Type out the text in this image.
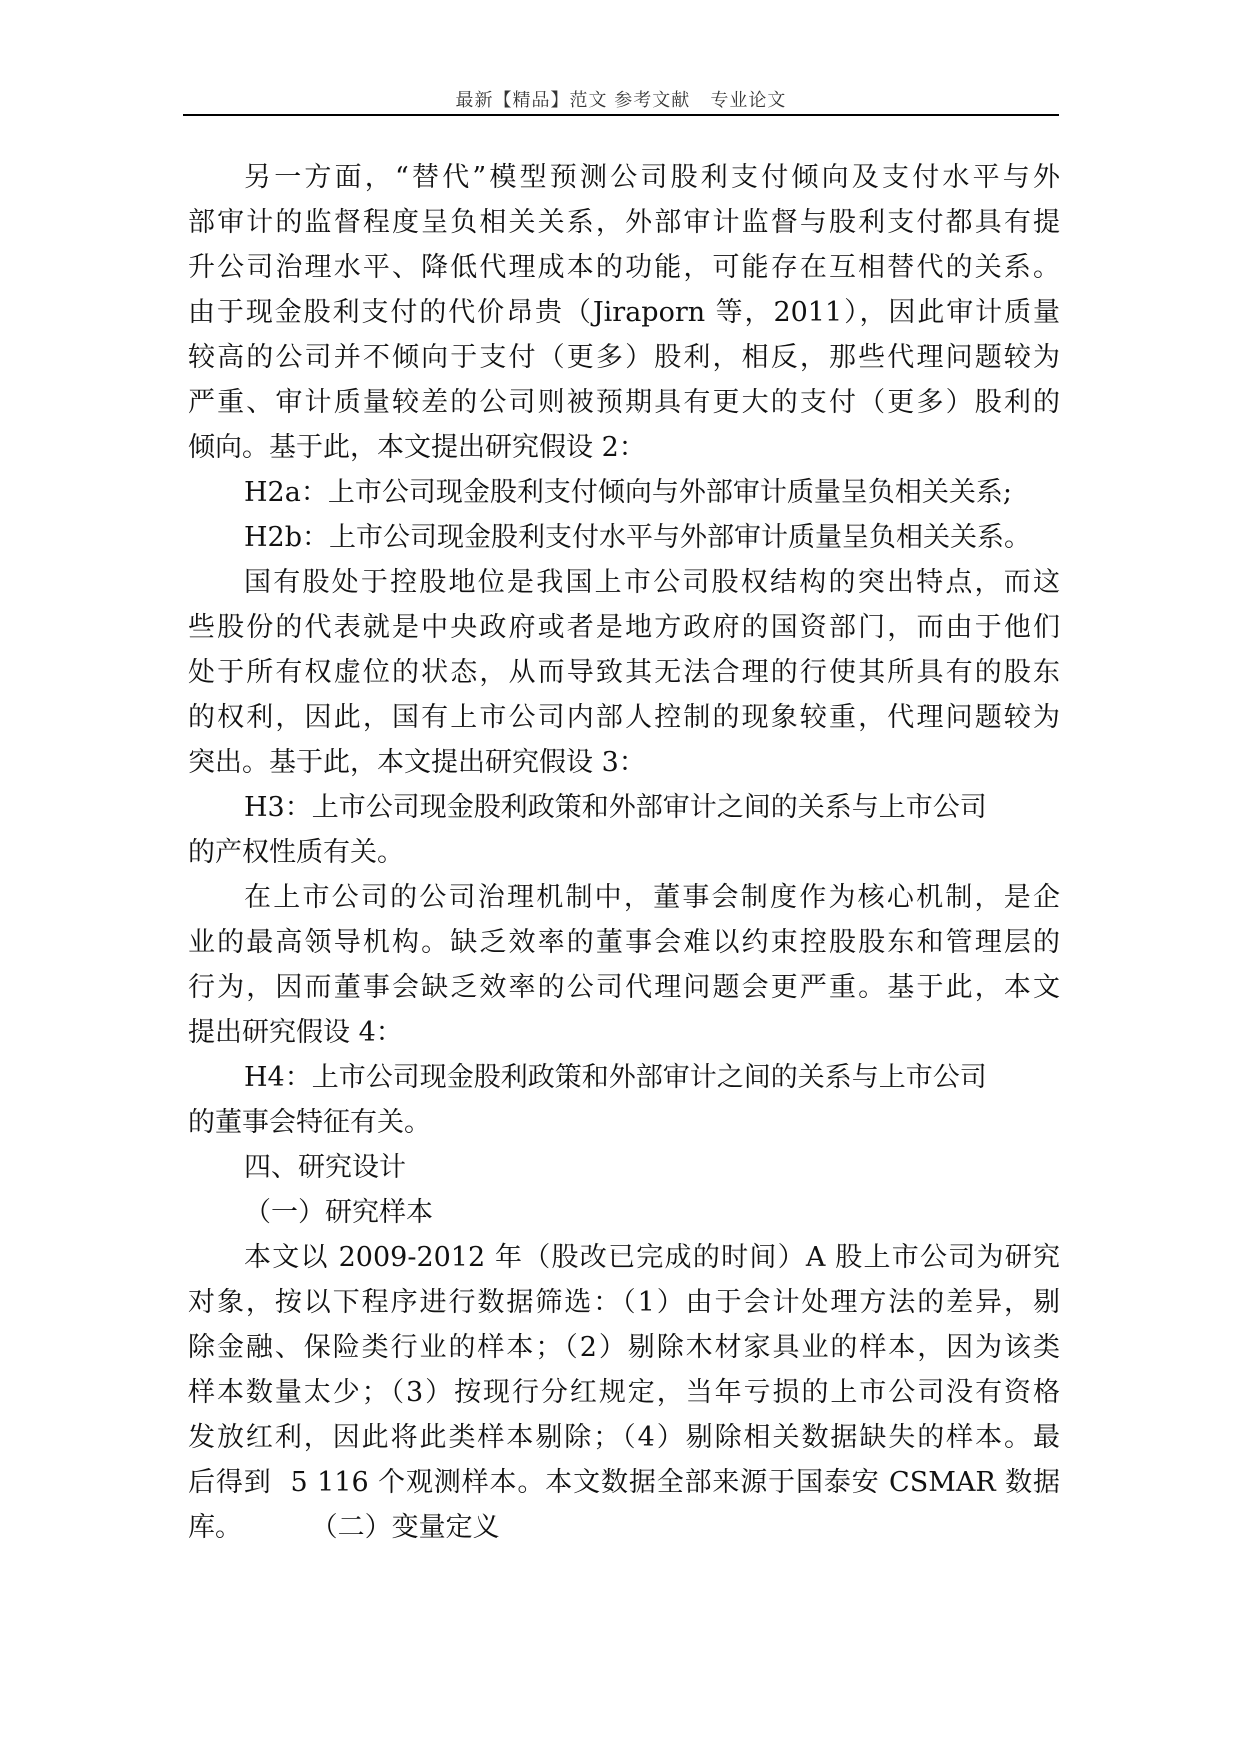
最新【精品】范文 参考文献   专业论文
另一方面，“替代”模型预测公司股利支付倾向及支付水平与外
部审计的监督程度呈负相关关系，外部审计监督与股利支付都具有提
升公司治理水平、降低代理成本的功能，可能存在互相替代的关系。
由于现金股利支付的代价昂贵（Jiraporn 等，2011），因此审计质量
较高的公司并不倾向于支付（更多）股利，相反，那些代理问题较为
严重、审计质量较差的公司则被预期具有更大的支付（更多）股利的
倾向。基于此，本文提出研究假设 2：
H2a：上市公司现金股利支付倾向与外部审计质量呈负相关关系;
H2b：上市公司现金股利支付水平与外部审计质量呈负相关关系。
国有股处于控股地位是我国上市公司股权结构的突出特点，而这
些股份的代表就是中央政府或者是地方政府的国资部门，而由于他们
处于所有权虚位的状态，从而导致其无法合理的行使其所具有的股东
的权利，因此，国有上市公司内部人控制的现象较重，代理问题较为
突出。基于此，本文提出研究假设 3：
H3：上市公司现金股利政策和外部审计之间的关系与上市公司
的产权性质有关。
在上市公司的公司治理机制中，董事会制度作为核心机制，是企
业的最高领导机构。缺乏效率的董事会难以约束控股股东和管理层的
行为，因而董事会缺乏效率的公司代理问题会更严重。基于此，本文
提出研究假设 4：
H4：上市公司现金股利政策和外部审计之间的关系与上市公司
的董事会特征有关。
四、研究设计
（一）研究样本
本文以 2009-2012 年（股改已完成的时间）A 股上市公司为研究
对象，按以下程序进行数据筛选：（1）由于会计处理方法的差异，剔
除金融、保险类行业的样本；（2）剔除木材家具业的样本，因为该类
样本数量太少；（3）按现行分红规定，当年亏损的上市公司没有资格
发放红利，因此将此类样本剔除；（4）剔除相关数据缺失的样本。最
后得到  5 116 个观测样本。本文数据全部来源于国泰安 CSMAR 数据
库。        （二）变量定义
